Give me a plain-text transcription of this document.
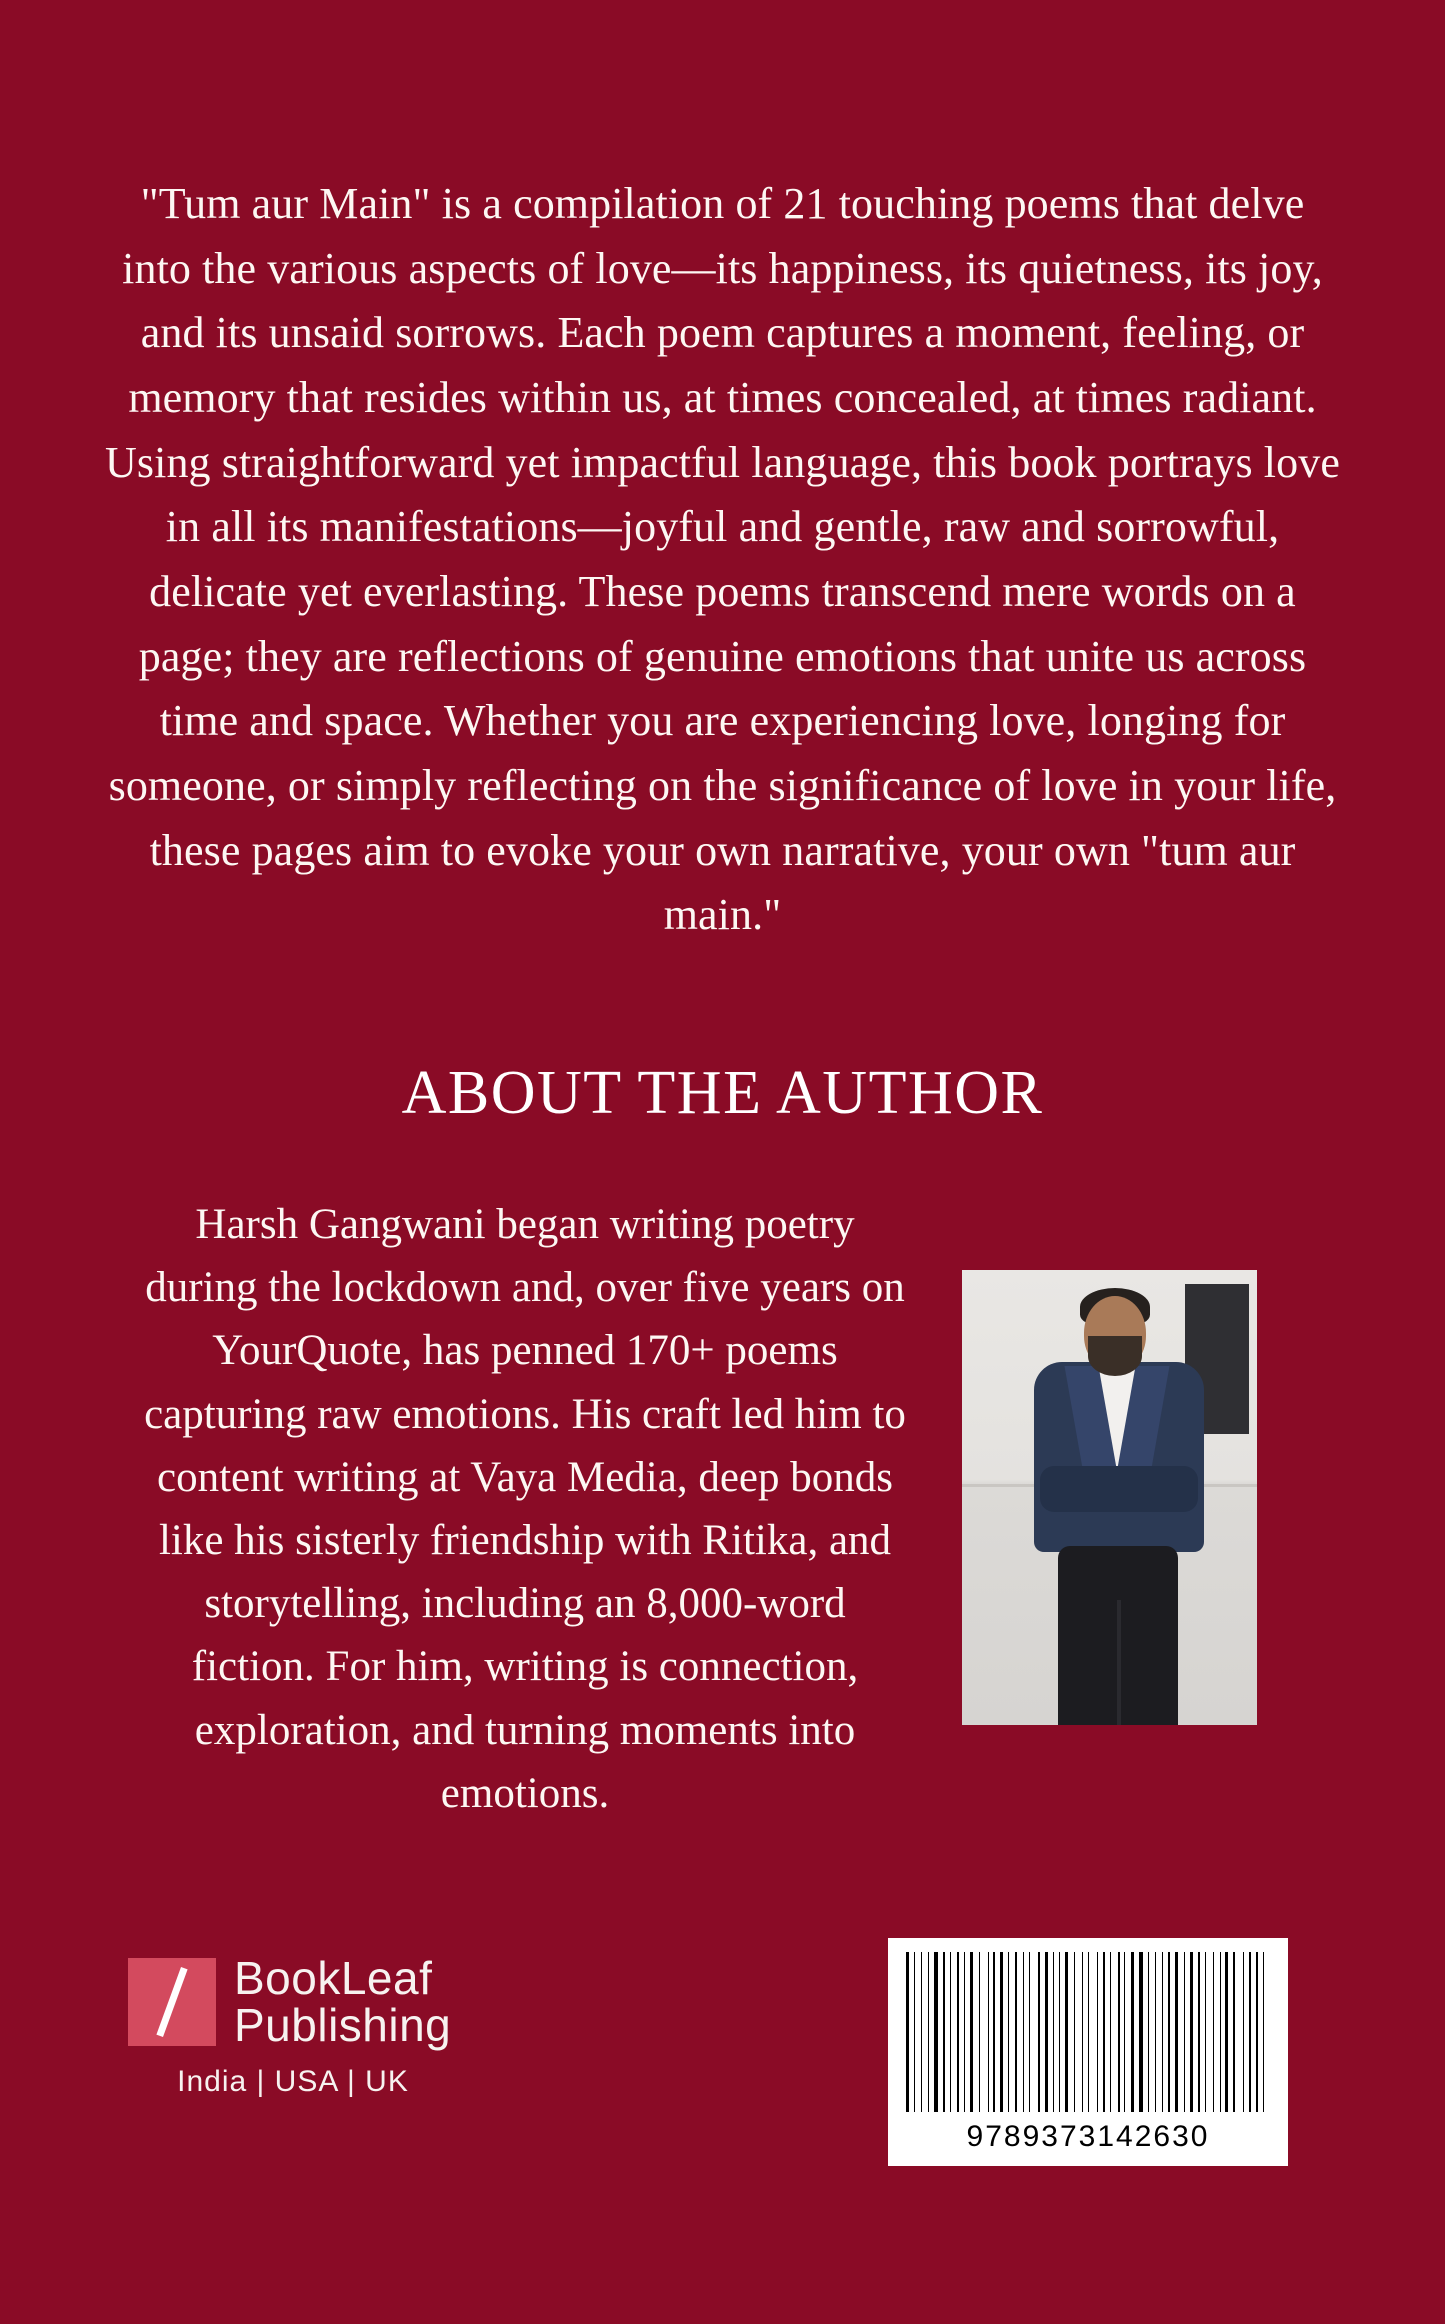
"Tum aur Main" is a compilation of 21 touching poems that delve into the various aspects of love—its happiness, its quietness, its joy, and its unsaid sorrows. Each poem captures a moment, feeling, or memory that resides within us, at times concealed, at times radiant. Using straightforward yet impactful language, this book portrays love in all its manifestations—joyful and gentle, raw and sorrowful, delicate yet everlasting. These poems transcend mere words on a page; they are reflections of genuine emotions that unite us across time and space. Whether you are experiencing love, longing for someone, or simply reflecting on the significance of love in your life, these pages aim to evoke your own narrative, your own "tum aur main."

ABOUT THE AUTHOR

Harsh Gangwani began writing poetry during the lockdown and, over five years on YourQuote, has penned 170+ poems capturing raw emotions. His craft led him to content writing at Vaya Media, deep bonds like his sisterly friendship with Ritika, and storytelling, including an 8,000-word fiction. For him, writing is connection, exploration, and turning moments into emotions.

BookLeaf
Publishing
India | USA | UK
9789373142630
